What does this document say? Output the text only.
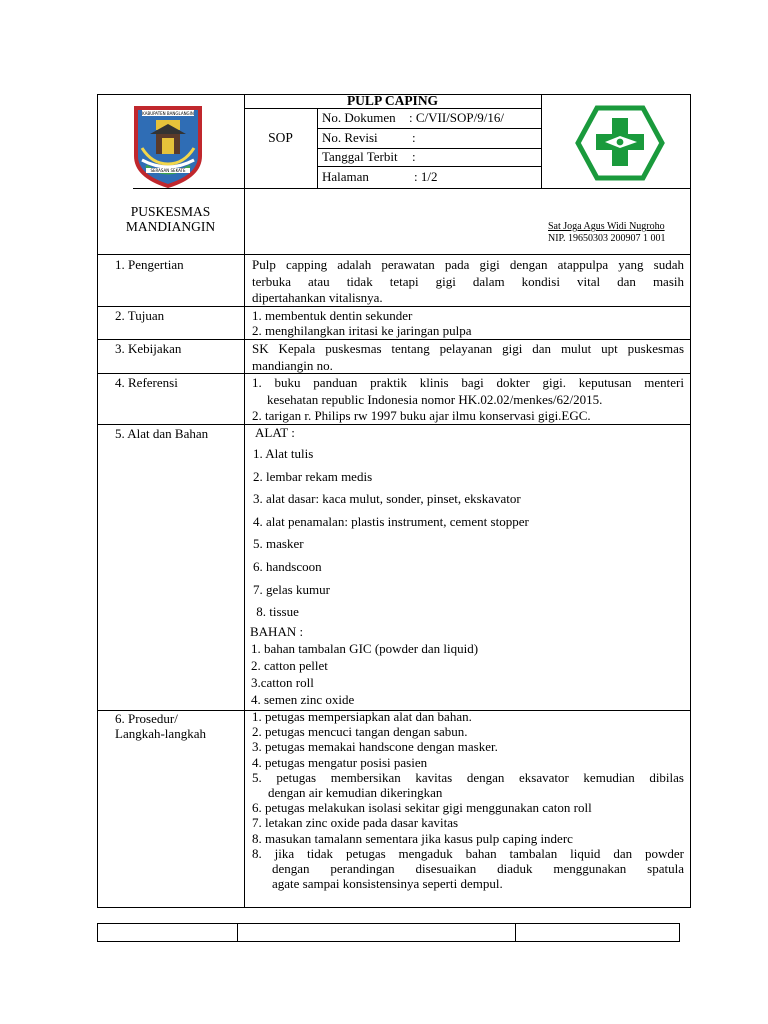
KABUPATEN BANGLANGIN
SERASAN SEKATE
PULP CAPING
SOP
No. Dokumen : C/VII/SOP/9/16/
No. Revisi	:
Tanggal Terbit :
Halaman	: 1/2
PUSKESMAS
MANDIANGIN	Sat Joga Agus Widi Nugroho
NIP. 19650303 200907 1 001
1. Pengertian	Pulp capping adalah perawatan pada gigi dengan atappulpa yang sudah
terbuka atau tidak tetapi gigi dalam kondisi vital dan masih
dipertahankan vitalisnya.
2. Tujuan	1. membentuk dentin sekunder
2. menghilangkan iritasi ke jaringan pulpa
3. Kebijakan	SK Kepala puskesmas tentang pelayanan gigi dan mulut upt puskesmas
mandiangin no.
4. Referensi	1. buku panduan praktik klinis bagi dokter gigi. keputusan menteri
kesehatan republic Indonesia nomor HK.02.02/menkes/62/2015.
2. tarigan r. Philips rw 1997 buku ajar ilmu konservasi gigi.EGC.
5. Alat dan Bahan	ALAT :
1. Alat tulis
2. lembar rekam medis
3. alat dasar: kaca mulut, sonder, pinset, ekskavator
4. alat penamalan: plastis instrument, cement stopper
5. masker
6. handscoon
7. gelas kumur
8. tissue
BAHAN :
1. bahan tambalan GIC (powder dan liquid)
2. catton pellet
3.catton roll
4. semen zinc oxide
6. Prosedur/
Langkah-langkah
1. petugas mempersiapkan alat dan bahan.
2. petugas mencuci tangan dengan sabun.
3. petugas memakai handscone dengan masker.
4. petugas mengatur posisi pasien
5. petugas membersikan kavitas dengan eksavator kemudian dibilas
dengan air kemudian dikeringkan
6. petugas melakukan isolasi sekitar gigi menggunakan caton roll
7. letakan zinc oxide pada dasar kavitas
8. masukan tamalann sementara jika kasus pulp caping inderc
8. jika tidak petugas mengaduk bahan tambalan liquid dan powder
dengan perandingan disesuaikan diaduk menggunakan spatula
agate sampai konsistensinya seperti dempul.
